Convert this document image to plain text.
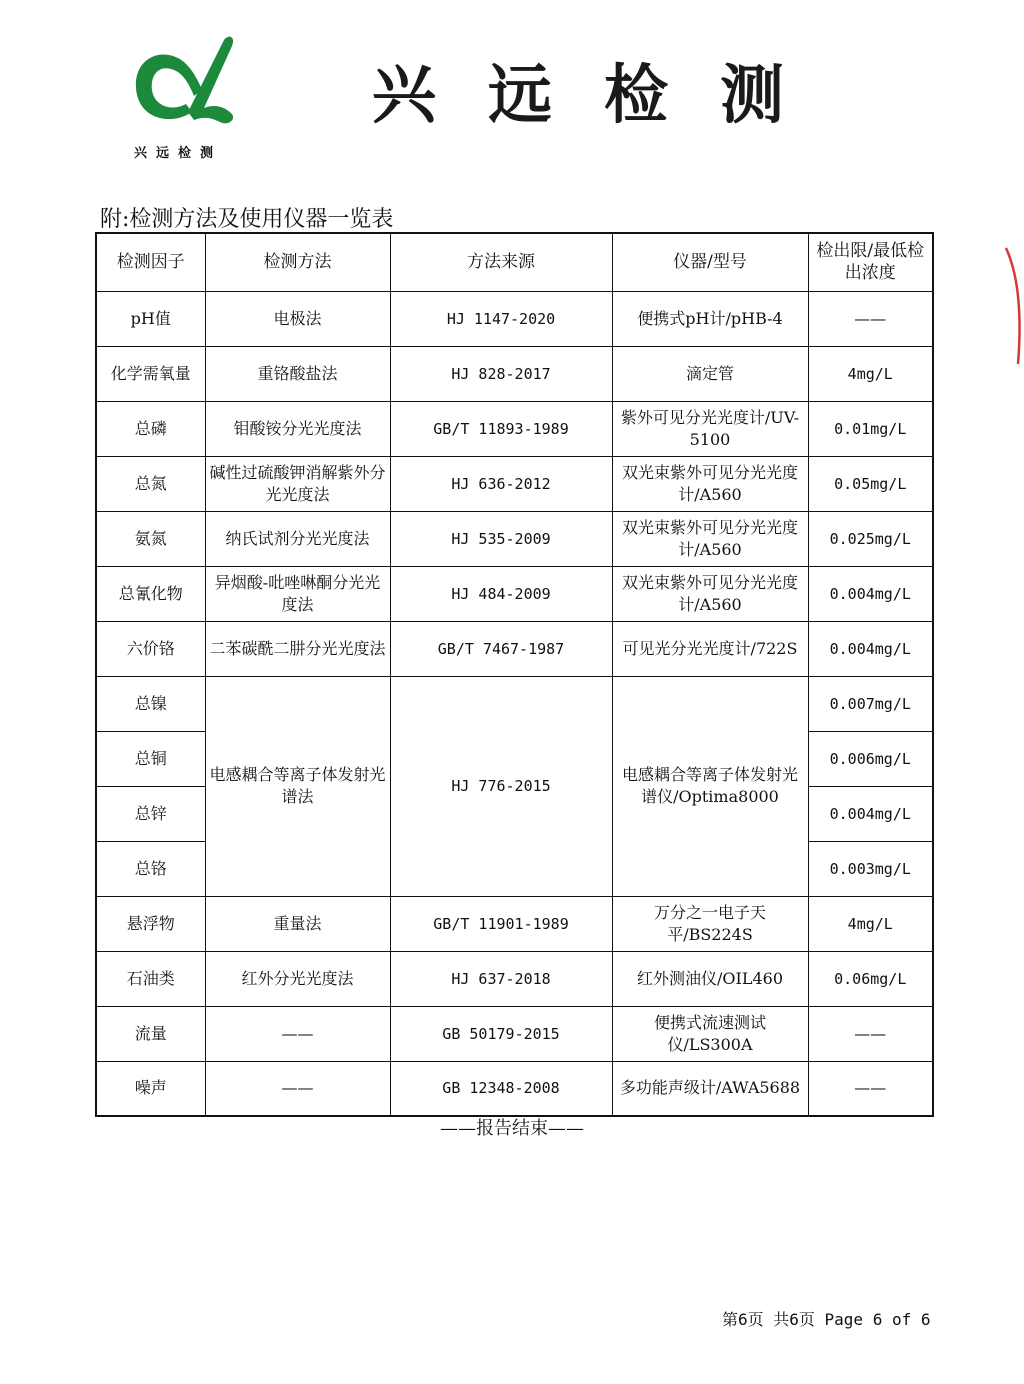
兴远检测
兴远检测
附:检测方法及使用仪器一览表
检测因子	检测方法	方法来源	仪器/型号	检出限/最低检出浓度
pH值	电极法	HJ 1147-2020	便携式pH计/pHB-4	——
化学需氧量	重铬酸盐法	HJ 828-2017	滴定管	4mg/L
总磷	钼酸铵分光光度法	GB/T 11893-1989	紫外可见分光光度计/UV-5100	0.01mg/L
总氮	碱性过硫酸钾消解紫外分光光度法	HJ 636-2012	双光束紫外可见分光光度计/A560	0.05mg/L
氨氮	纳氏试剂分光光度法	HJ 535-2009	双光束紫外可见分光光度计/A560	0.025mg/L
总氰化物	异烟酸-吡唑啉酮分光光度法	HJ 484-2009	双光束紫外可见分光光度计/A560	0.004mg/L
六价铬	二苯碳酰二肼分光光度法	GB/T 7467-1987	可见光分光光度计/722S	0.004mg/L
总镍	电感耦合等离子体发射光谱法	HJ 776-2015	电感耦合等离子体发射光谱仪/Optima8000	0.007mg/L
总铜				0.006mg/L
总锌				0.004mg/L
总铬				0.003mg/L
悬浮物	重量法	GB/T 11901-1989	万分之一电子天平/BS224S	4mg/L
石油类	红外分光光度法	HJ 637-2018	红外测油仪/OIL460	0.06mg/L
流量	——	GB 50179-2015	便携式流速测试仪/LS300A	——
噪声	——	GB 12348-2008	多功能声级计/AWA5688	——
——报告结束——
第6页 共6页 Page 6 of 6
